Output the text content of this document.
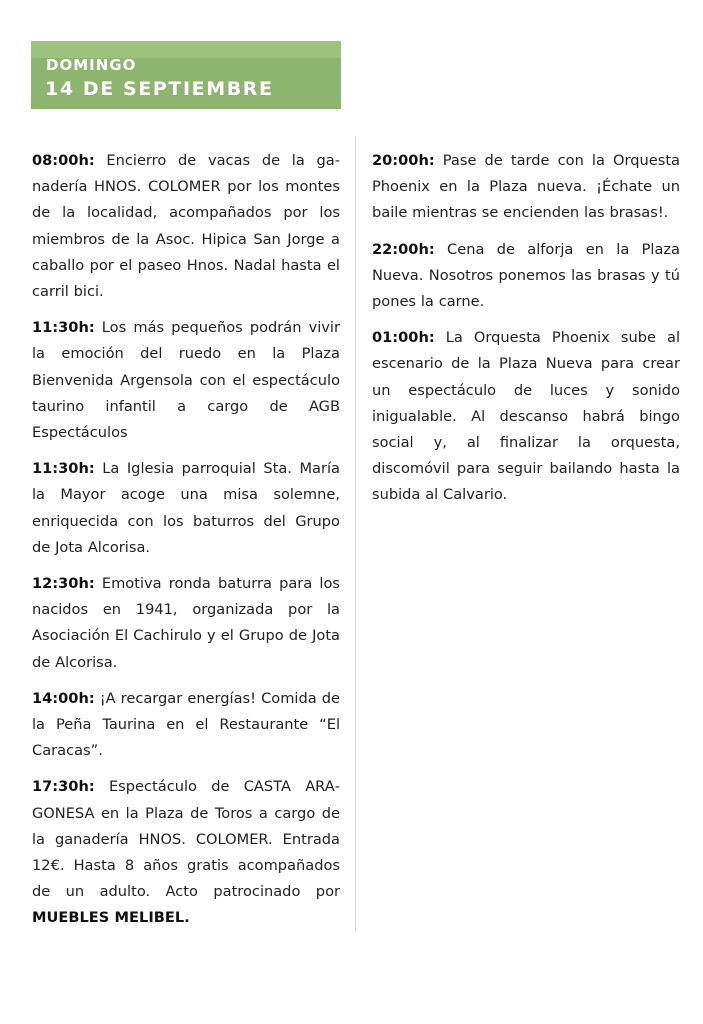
DOMINGO
14 DE SEPTIEMBRE

08:00h: Encierro de vacas de la ganadería HNOS. COLOMER por los montes de la localidad, acompañados por los miembros de la Asoc. Hipica San Jorge a caballo por el paseo Hnos. Nadal hasta el carril bici.

11:30h: Los más pequeños podrán vivir la emoción del ruedo en la Plaza Bienvenida Argensola con el espectáculo taurino infantil a cargo de AGB Espectáculos

11:30h: La Iglesia parroquial Sta. María la Mayor acoge una misa solemne, enriquecida con los baturros del Grupo de Jota Alcorisa.

12:30h: Emotiva ronda baturra para los nacidos en 1941, organizada por la Asociación El Cachirulo y el Grupo de Jota de Alcorisa.

14:00h: ¡A recargar energías! Comida de la Peña Taurina en el Restaurante “El Caracas”.

17:30h: Espectáculo de CASTA ARAGONESA en la Plaza de Toros a cargo de la ganadería HNOS. COLOMER. Entrada 12€. Hasta 8 años gratis acompañados de un adulto. Acto patrocinado por MUEBLES MELIBEL.

20:00h: Pase de tarde con la Orquesta Phoenix en la Plaza nueva. ¡Échate un baile mientras se encienden las brasas!.

22:00h: Cena de alforja en la Plaza Nueva. Nosotros ponemos las brasas y tú pones la carne.

01:00h: La Orquesta Phoenix sube al escenario de la Plaza Nueva para crear un espectáculo de luces y sonido inigualable. Al descanso habrá bingo social y, al finalizar la orquesta, discomóvil para seguir bailando hasta la subida al Calvario.
